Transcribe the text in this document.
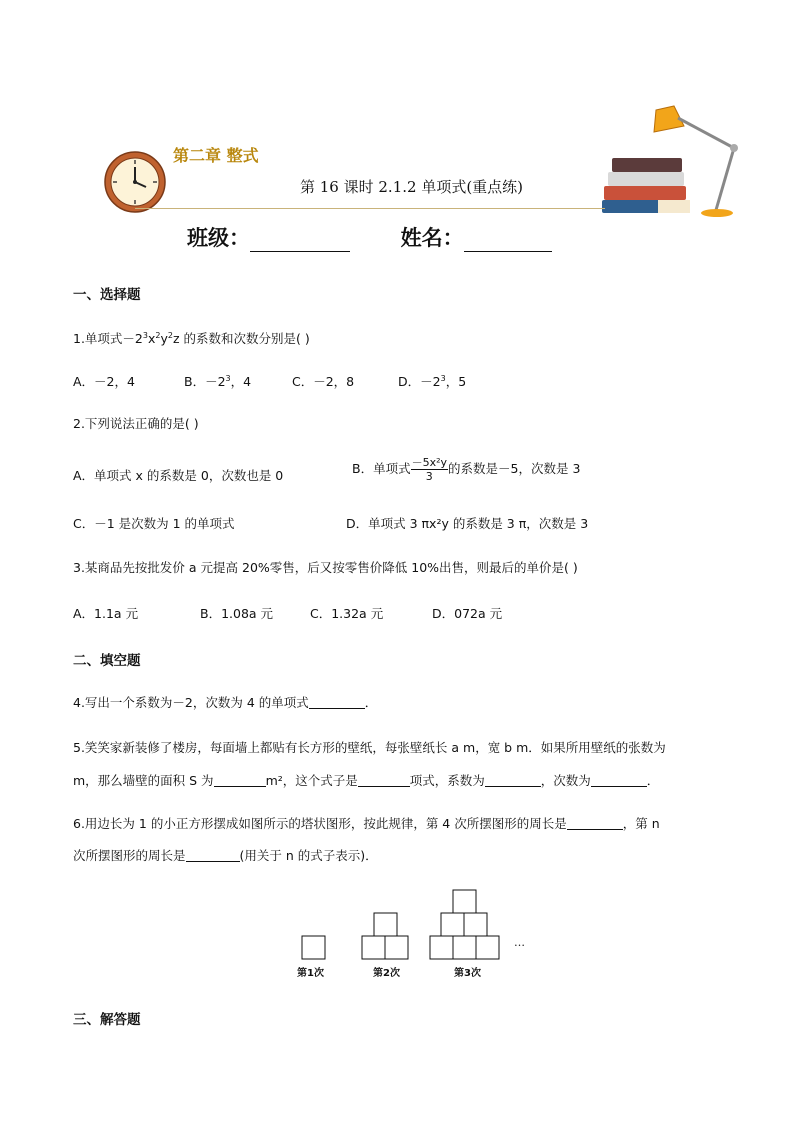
第二章 整式
第 16 课时 2.1.2 单项式(重点练)
班级：	姓名：
一、选择题
1.单项式$-2^3x^2y^2z$ 的系数和次数分别是( )
A．－2，4	B．$-2^3$，4	C．－2，8	D．$-2^3$，5
2.下列说法正确的是( )
A．单项式 x 的系数是 0，次数也是 0	B．单项式 $\frac{\text{－5x²y}}{3}$ 的系数是－5，次数是 3
C．－1 是次数为 1 的单项式	D．单项式 3 πx²y 的系数是 3 π，次数是 3
3.某商品先按批发价 a 元提高 20%零售，后又按零售价降低 10%出售，则最后的单价是( )
A．1.1a 元	B．1.08a 元	C．1.32a 元	D．072a 元
二、填空题
4.写出一个系数为－2，次数为 4 的单项式	．
5.笑笑家新装修了楼房，每面墙上都贴有长方形的壁纸，每张壁纸长 a m，宽 b m．如果所用壁纸的张数为
m，那么墙壁的面积 S 为	m²，这个式子是	项式，系数为	，次数为	．
6.用边长为 1 的小正方形摆成如图所示的塔状图形，按此规律，第 4 次所摆图形的周长是	，第 n
次所摆图形的周长是	(用关于 n 的式子表示)．
第1次	第2次	第3次
…
三、解答题
